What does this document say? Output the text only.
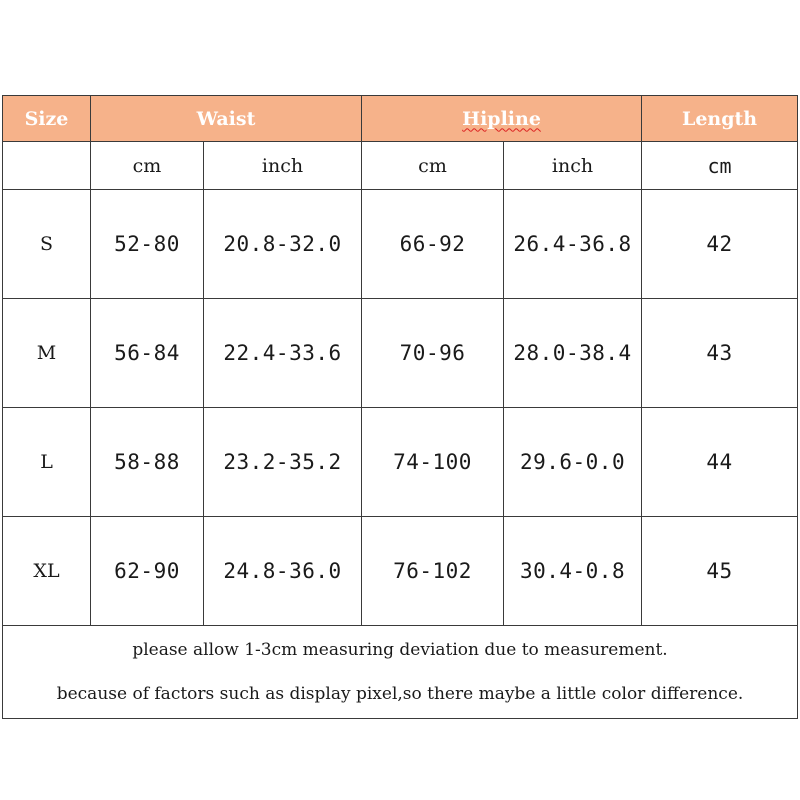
Size	Waist		Hipline		Length
	cm	inch	cm	inch	cm
S	52-80	20.8-32.0	66-92	26.4-36.8	42
M	56-84	22.4-33.6	70-96	28.0-38.4	43
L	58-88	23.2-35.2	74-100	29.6-0.0	44
XL	62-90	24.8-36.0	76-102	30.4-0.8	45

please allow 1-3cm measuring deviation due to measurement.
because of factors such as display pixel,so there maybe a little color difference.					
